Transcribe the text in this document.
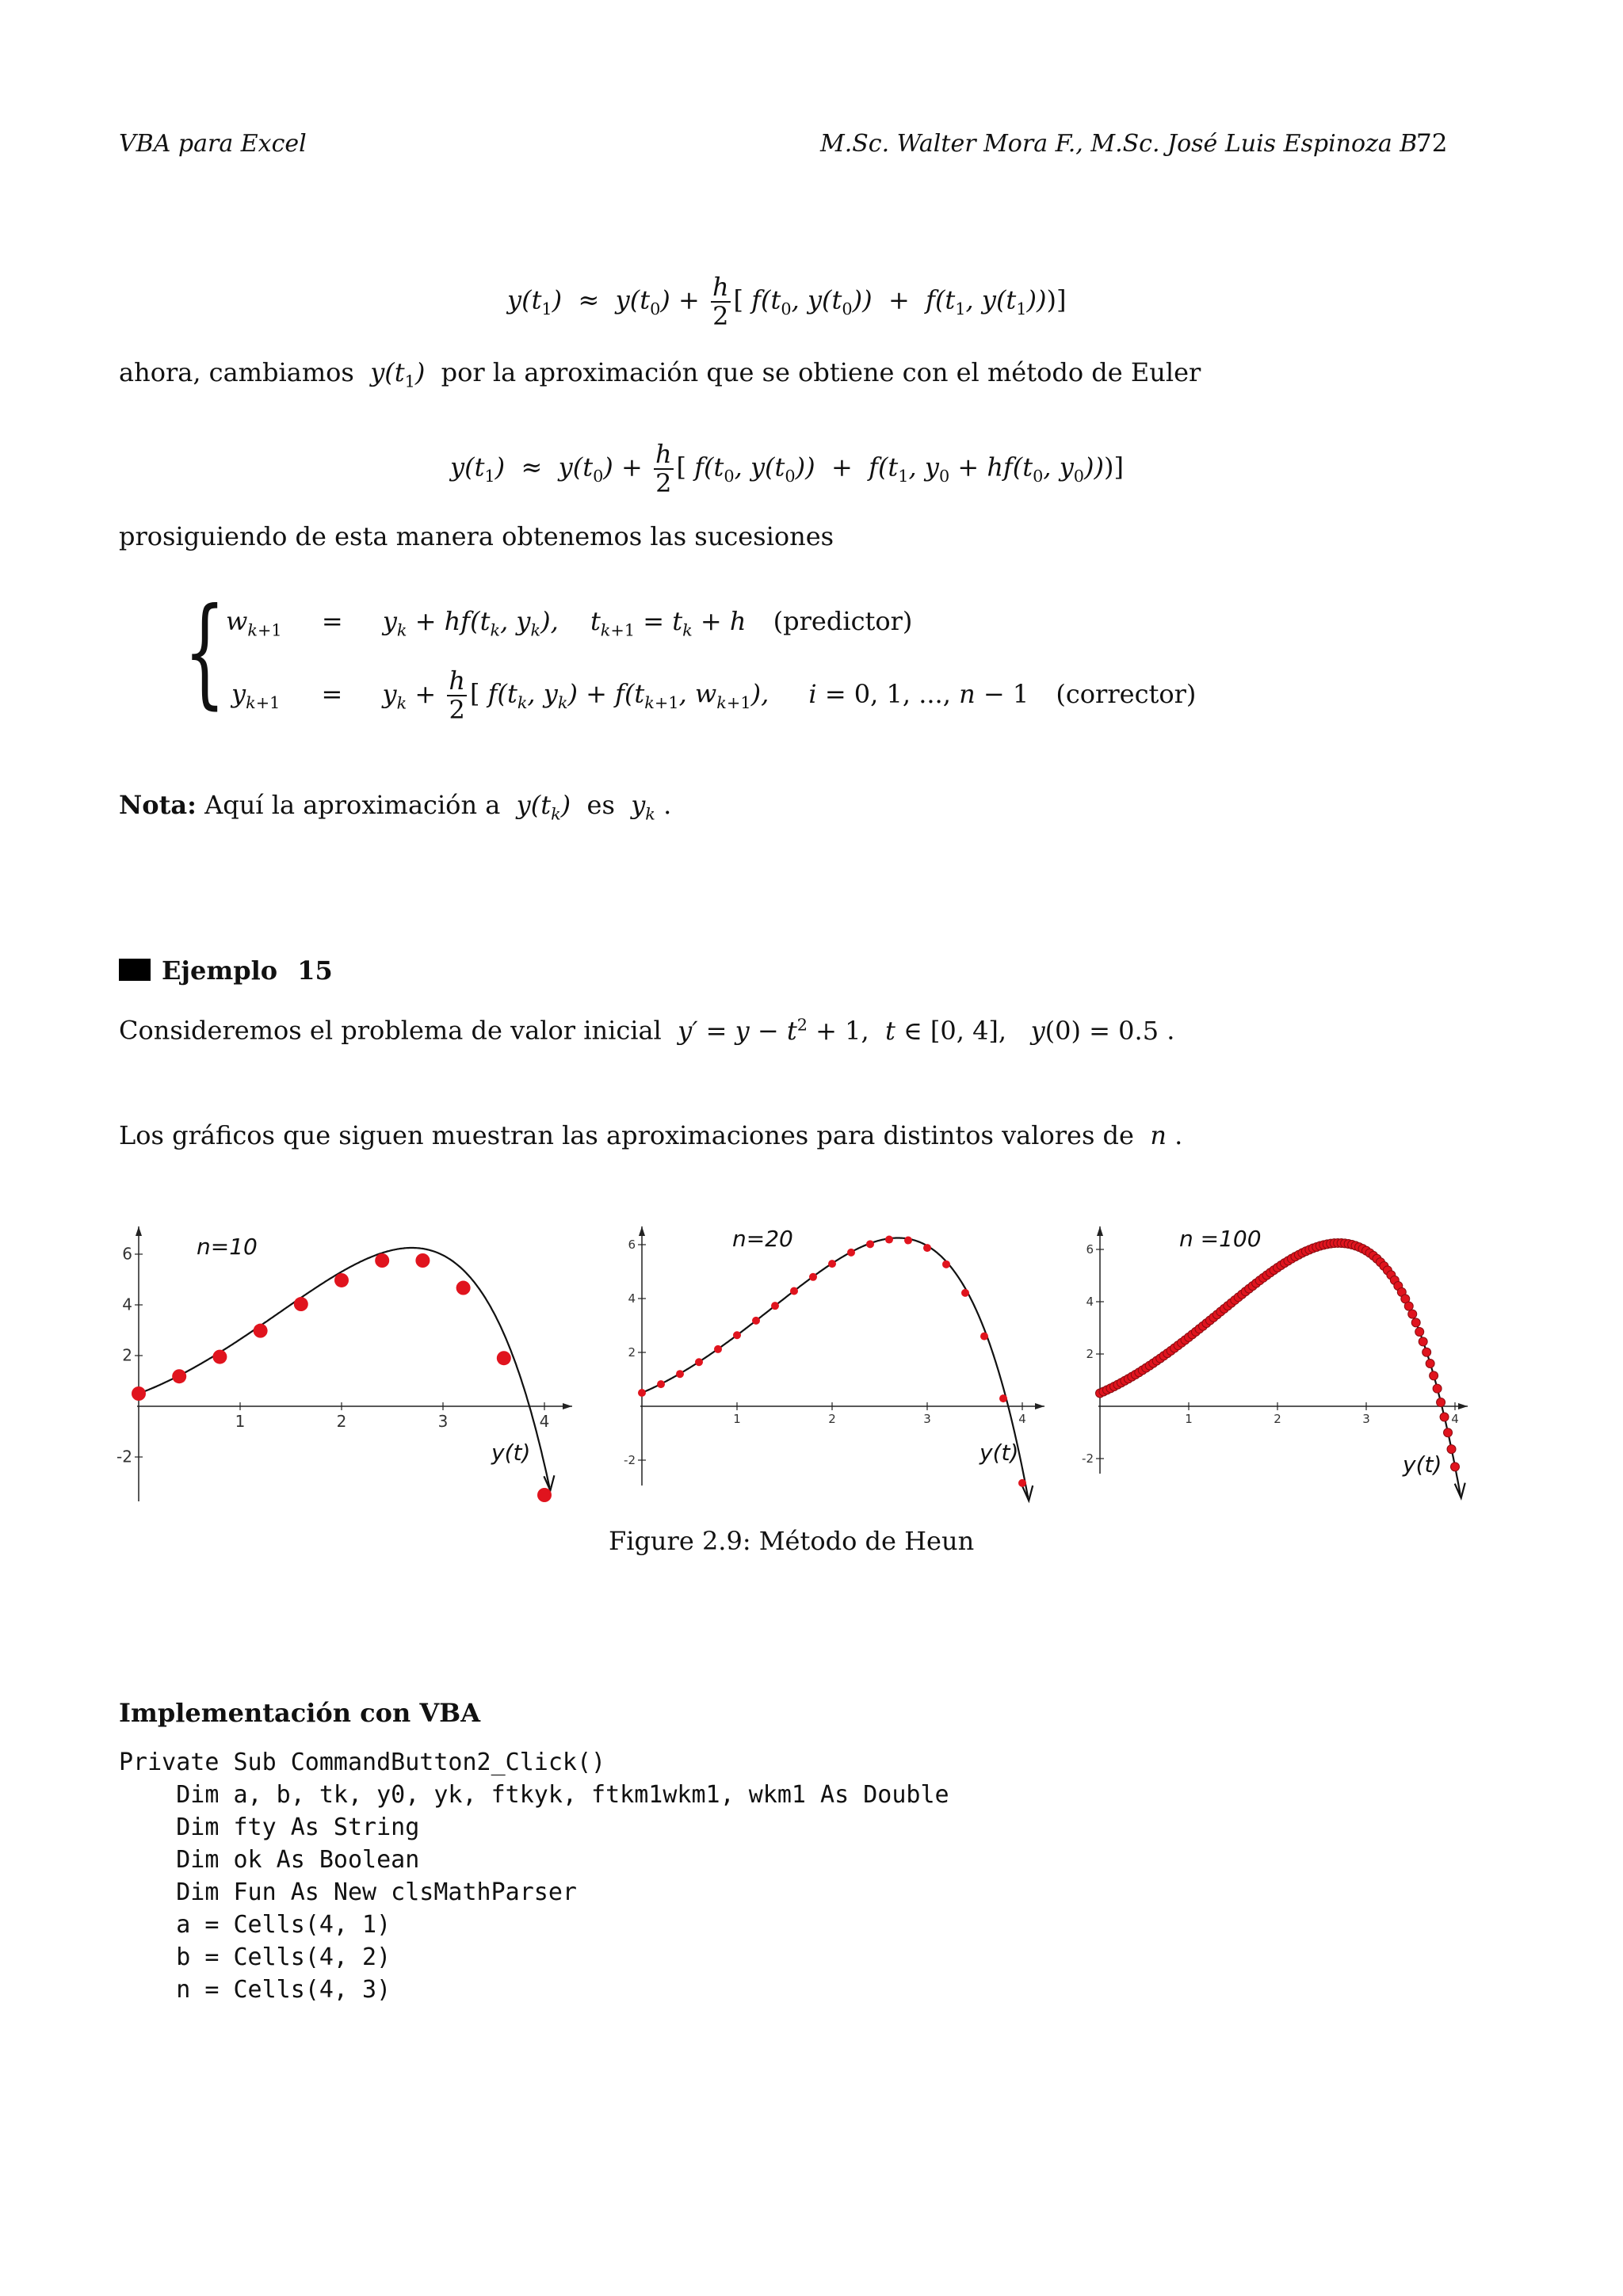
VBA para Excel	M.Sc. Walter Mora F., M.Sc. José Luis Espinoza B.
72
$y(t_1) \approx y(t_0) + \frac{h}{2}$ [ $f(t_0$, $y(t_0)) + f(t_1$, $y(t_1)$))]
ahora, cambiamos  $y(t_1)$  por la aproximación que se obtiene con el método de Euler
$y(t_1) \approx y(t_0) + \frac{h}{2}$ [ $f(t_0$, $y(t_0)) + f(t_1$, $y_0 + hf(t_0$, $y_0$)))]
prosiguiendo de esta manera obtenemos las sucesiones
{ $w_{k+1} = y_k + hf(t_k$, $y_k$), $t_{k+1} = t_k + h$ (predictor)
$y_{k+1} = y_k + \frac{h}{2}$ [ $f(t_k$, $y_k) + f(t_{k+1}$, $w_{k+1}$), i = 0, 1, ..., n − 1 (corrector)
Nota: Aquí la aproximación a  $y(t_k)$  es  $y_k$ .
Ejemplo 15
Consideremos el problema de valor inicial  $y' = y - t^2 + 1$,  t ∈ [0, 4],   y(0) = 0.5 .
Los gráficos que siguen muestran las aproximaciones para distintos valores de  n .
1	2	3	4
6
4
2
-2
n=10
y(t)
1	2	3	4
6
4
2
-2
n=20
y(t)
1	2	3	4
6
4
2
-2
n =100
y(t)
Figure 2.9: Método de Heun
Implementación con VBA
Private Sub CommandButton2_Click()
Dim a, b, tk, y0, yk, ftkyk, ftkm1wkm1, wkm1 As Double
Dim fty As String
Dim ok As Boolean
Dim Fun As New clsMathParser
a = Cells(4, 1)
b = Cells(4, 2)
n = Cells(4, 3)
